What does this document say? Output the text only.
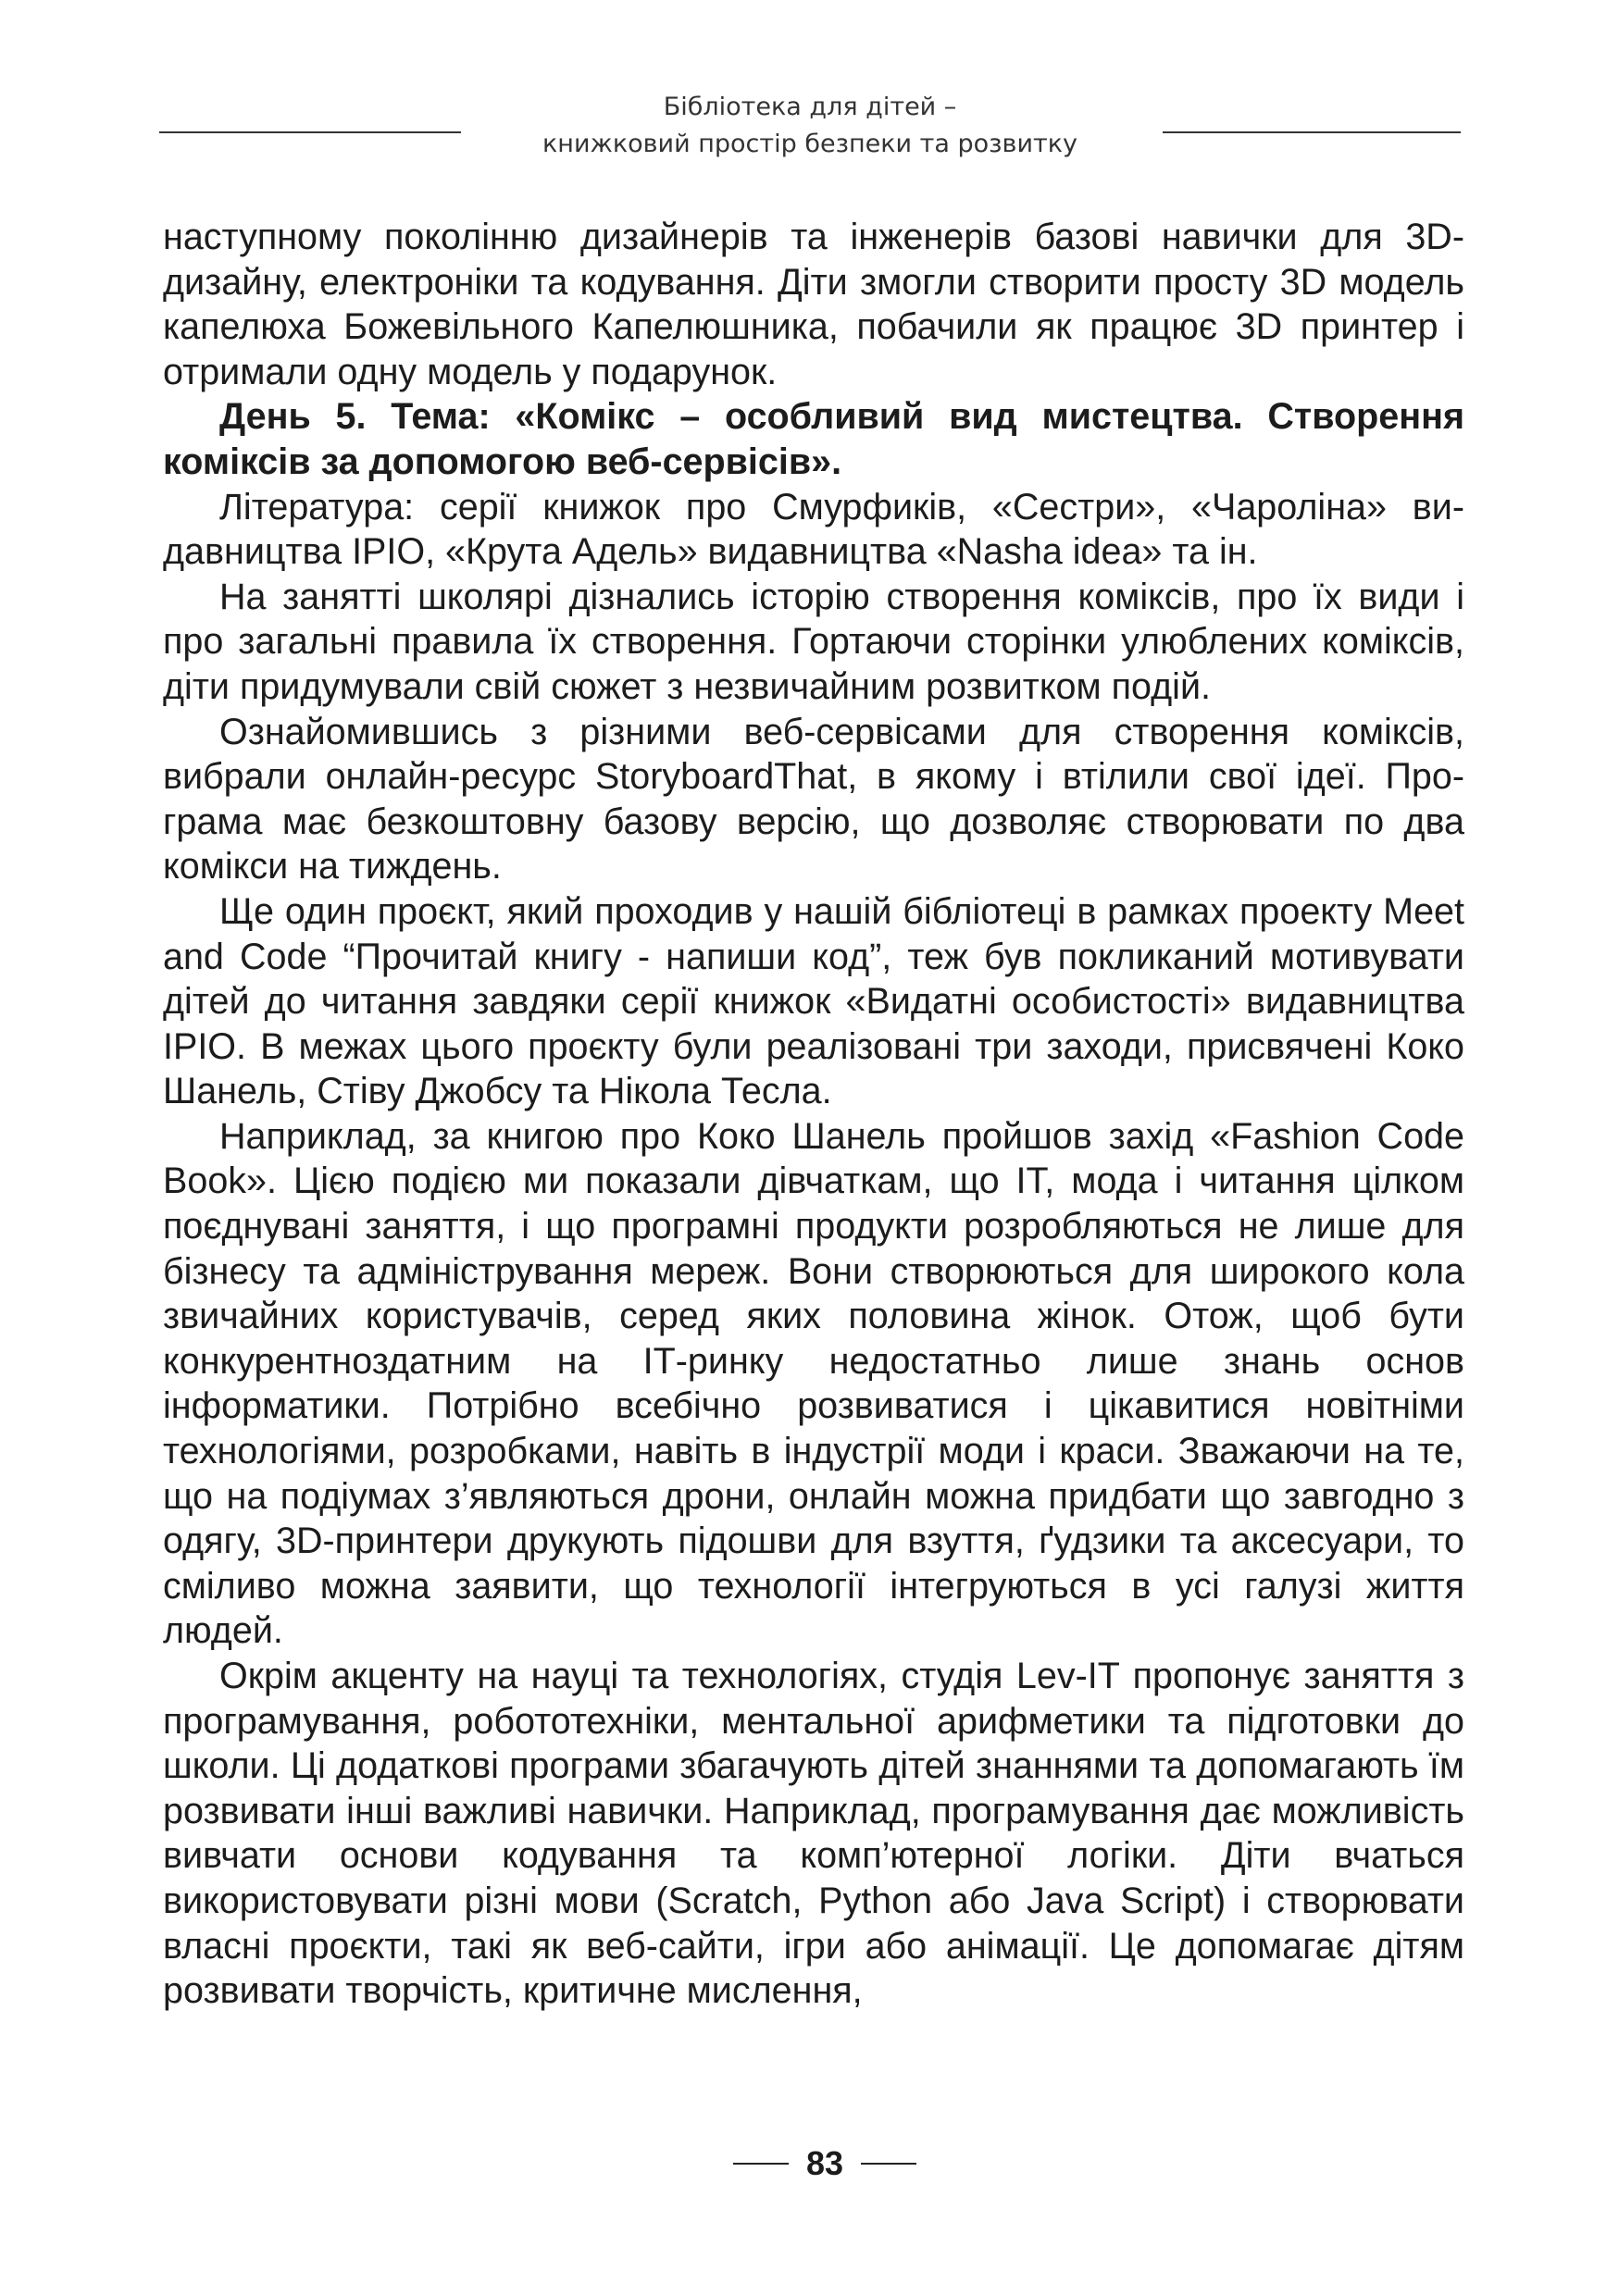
Бібліотека для дітей –
книжковий простір безпеки та розвитку

наступному поколінню дизайнерів та інженерів базові навички для 3D-дизайну, електроніки та кодування. Діти змогли створити просту 3D модель капелюха Божевільного Капелюшника, побачили як працює 3D принтер і отримали одну модель у подарунок.

День 5. Тема: «Комікс – особливий вид мистецтва. Створення коміксів за допомогою веб-сервісів».

Література: серії книжок про Смурфиків, «Сестри», «Чароліна» видавництва ІРІО, «Крута Адель» видавництва «Nasha idea» та ін.

На занятті школярі дізнались історію створення коміксів, про їх види і про загальні правила їх створення. Гортаючи сторінки улюблених коміксів, діти придумували свій сюжет з незвичайним розвитком подій.

Ознайомившись з різними веб-сервісами для створення коміксів, вибрали онлайн-ресурс StoryboardThat, в якому і втілили свої ідеї. Програма має безкоштовну базову версію, що дозволяє створювати по два комікси на тиждень.

Ще один проєкт, який проходив у нашій бібліотеці в рамках проекту Meet and Code “Прочитай книгу - напиши код”, теж був покликаний мотивувати дітей до читання завдяки серії книжок «Видатні особистості» видавництва ІРІО. В межах цього проєкту були реалізовані три заходи, присвячені Коко Шанель, Стіву Джобсу та Нікола Тесла.

Наприклад, за книгою про Коко Шанель пройшов захід «Fashion Code Book». Цією подією ми показали дівчаткам, що ІТ, мода і читання цілком поєднувані заняття, і що програмні продукти розробляються не лише для бізнесу та адміністрування мереж. Вони створюються для широкого кола звичайних користувачів, серед яких половина жінок. Отож, щоб бути конкурентноздатним на ІТ-ринку недостатньо лише знань основ інформатики. Потрібно всебічно розвиватися і цікавитися новітніми технологіями, розробками, навіть в індустрії моди і краси. Зважаючи на те, що на подіумах з’являються дрони, онлайн можна придбати що завгодно з одягу, 3D-принтери друкують підошви для взуття, ґудзики та аксесуари, то сміливо можна заявити, що технології інтегруються в усі галузі життя людей.

Окрім акценту на науці та технологіях, студія Lev-IT пропонує заняття з програмування, робототехніки, ментальної арифметики та підготовки до школи. Ці додаткові програми збагачують дітей знаннями та допомагають їм розвивати інші важливі навички. Наприклад, програмування дає можливість вивчати основи кодування та комп’ютерної логіки. Діти вчаться використовувати різні мови (Scratch, Python або Java Script) і створювати власні проєкти, такі як веб-сайти, ігри або анімації. Це допомагає дітям розвивати творчість, критичне мислення,

83
